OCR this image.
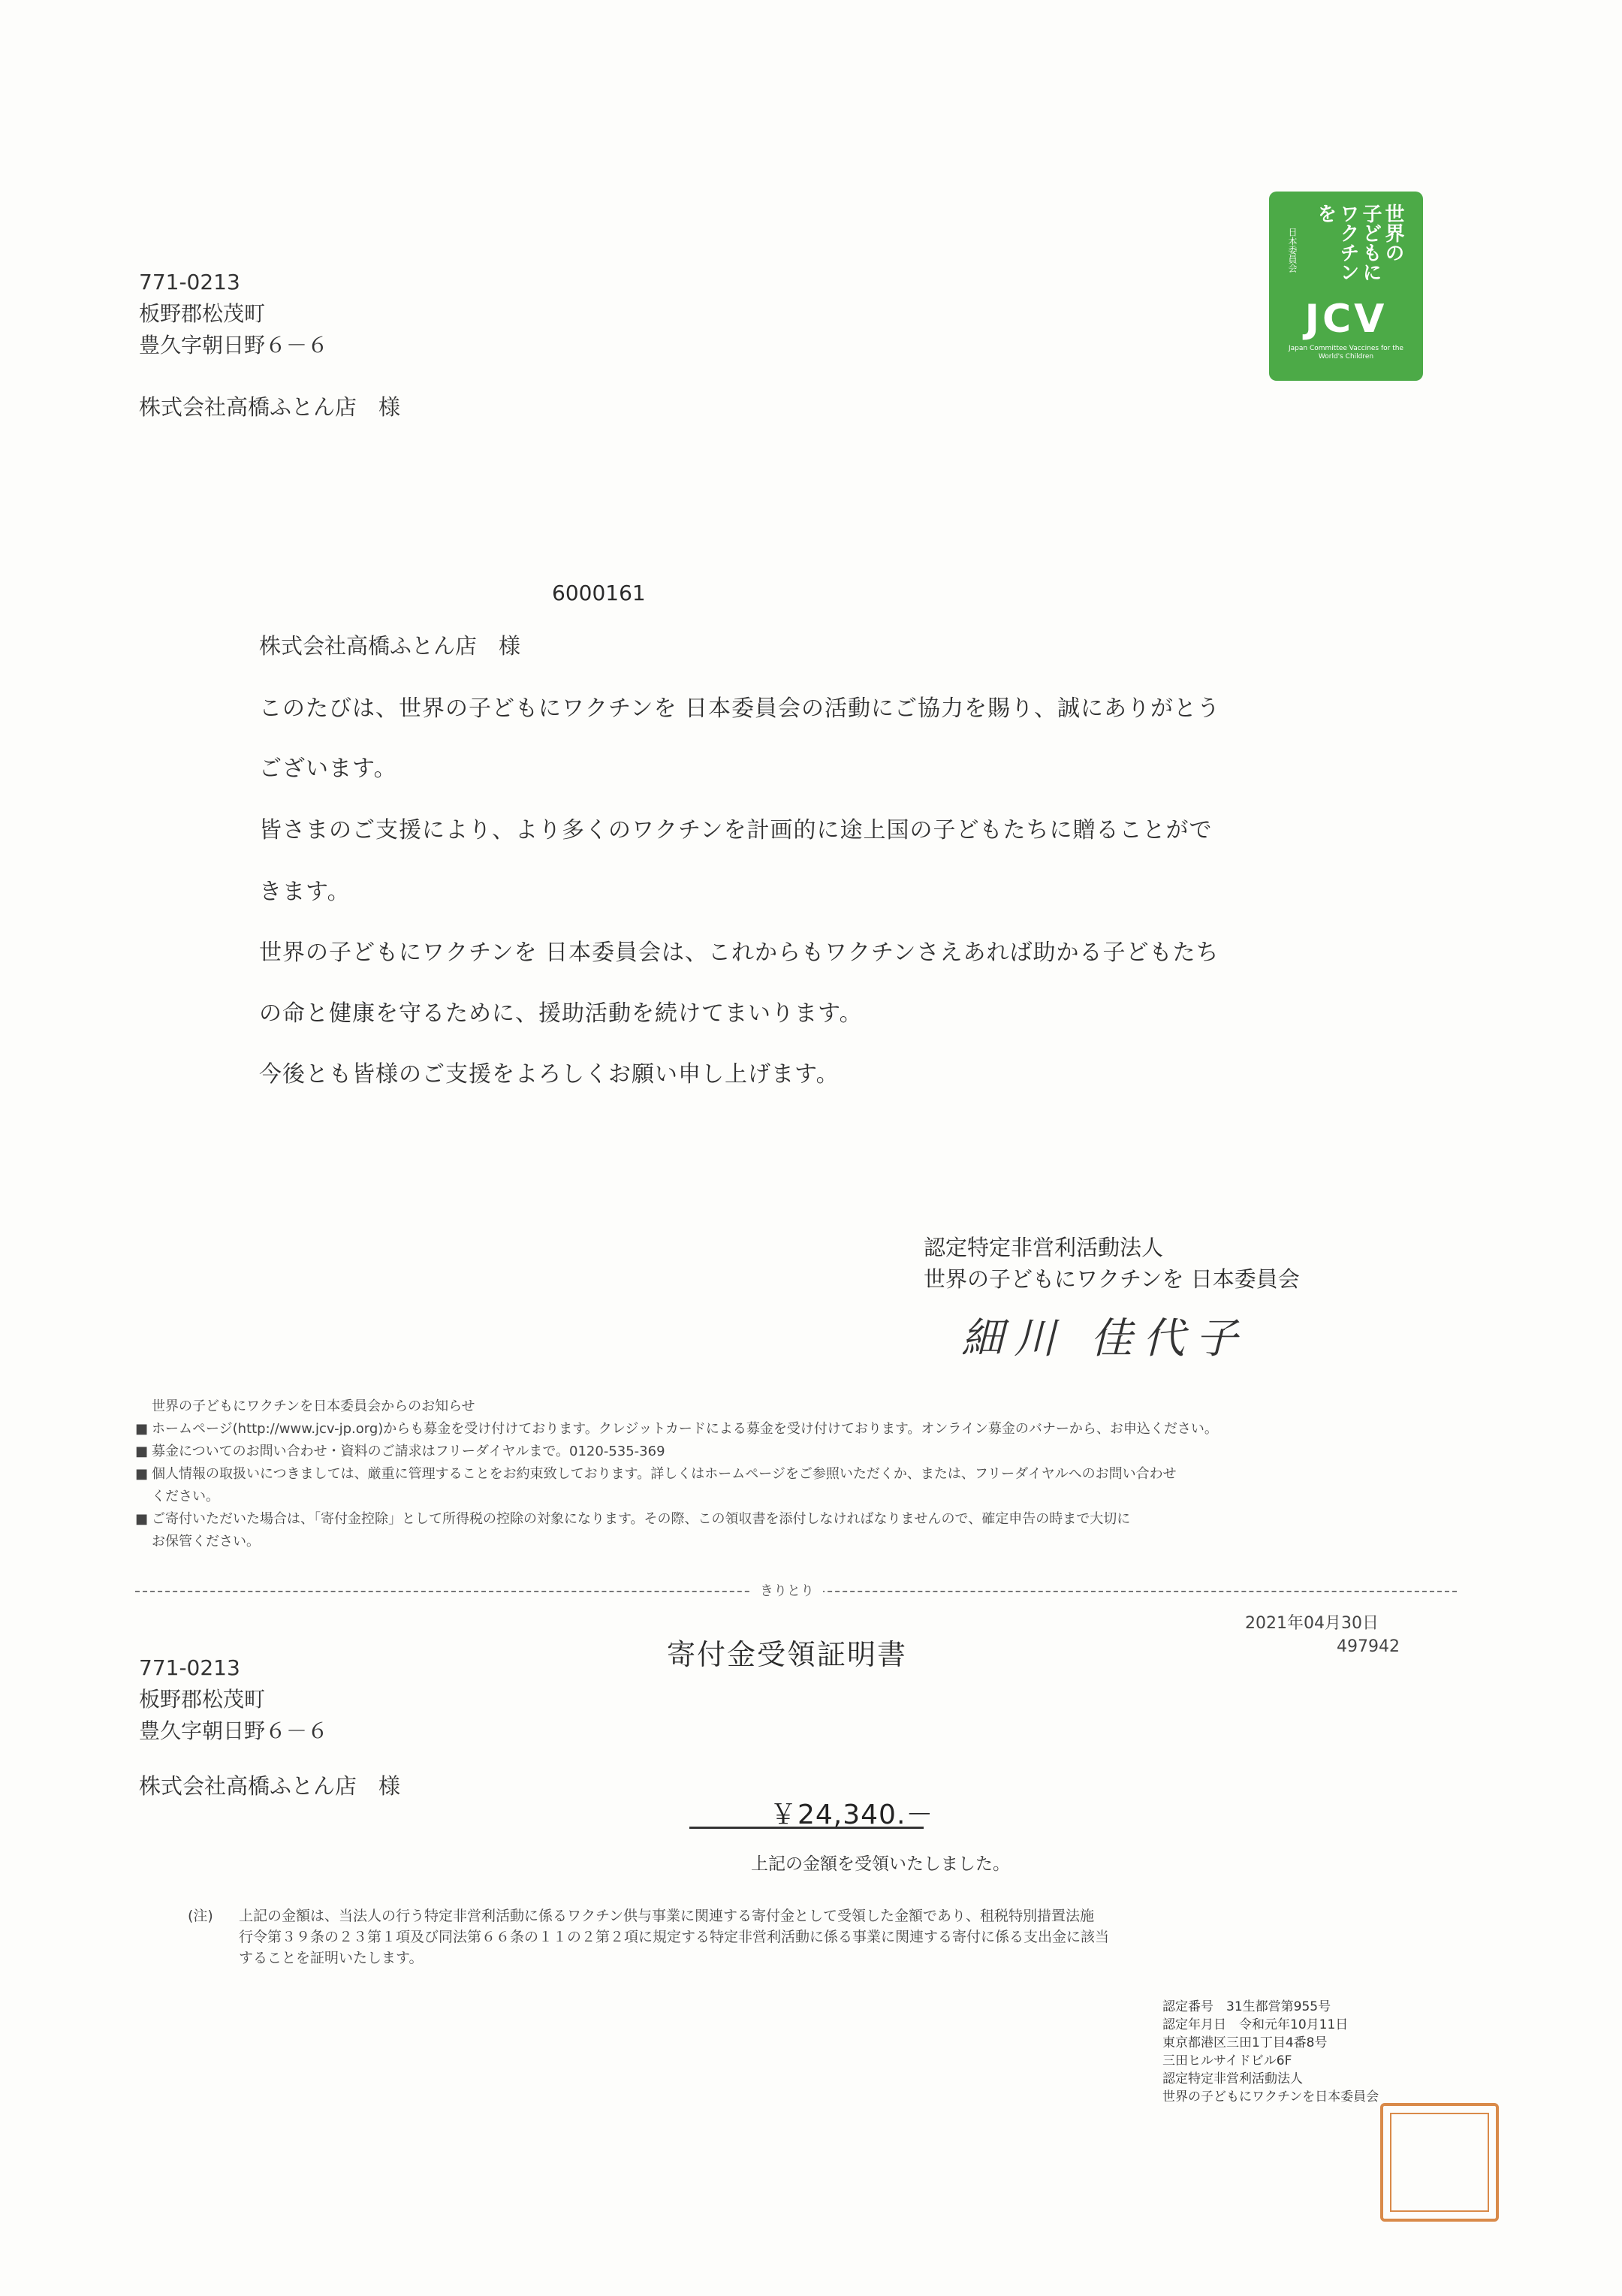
771-0213
板野郡松茂町
豊久字朝日野６－６
株式会社高橋ふとん店　様
世界の
子どもに
ワクチン
を
日本委員会
JCV
Japan Committee Vaccines for the World's Children
6000161
株式会社高橋ふとん店　様
このたびは、世界の子どもにワクチンを 日本委員会の活動にご協力を賜り、誠にありがとう
ございます。
皆さまのご支援により、より多くのワクチンを計画的に途上国の子どもたちに贈ることがで
きます。
世界の子どもにワクチンを 日本委員会は、これからもワクチンさえあれば助かる子どもたち
の命と健康を守るために、援助活動を続けてまいります。
今後とも皆様のご支援をよろしくお願い申し上げます。
認定特定非営利活動法人
世界の子どもにワクチンを 日本委員会
細川 佳代子
世界の子どもにワクチンを日本委員会からのお知らせ
■ ホームページ(http://www.jcv-jp.org)からも募金を受け付けております。クレジットカードによる募金を受け付けております。オンライン募金のバナーから、お申込ください。
■ 募金についてのお問い合わせ・資料のご請求はフリーダイヤルまで。0120-535-369
■ 個人情報の取扱いにつきましては、厳重に管理することをお約束致しております。詳しくはホームページをご参照いただくか、または、フリーダイヤルへのお問い合わせ
ください。
■ ご寄付いただいた場合は、「寄付金控除」として所得税の控除の対象になります。その際、この領収書を添付しなければなりませんので、確定申告の時まで大切に
お保管ください。
きりとり
2021年04月30日
497942
寄付金受領証明書
771-0213
板野郡松茂町
豊久字朝日野６－６
株式会社高橋ふとん店　様
￥24,340.－
上記の金額を受領いたしました。
(注) 上記の金額は、当法人の行う特定非営利活動に係るワクチン供与事業に関連する寄付金として受領した金額であり、租税特別措置法施
行令第３９条の２３第１項及び同法第６６条の１１の２第２項に規定する特定非営利活動に係る事業に関連する寄付に係る支出金に該当
することを証明いたします。
認定番号　31生都営第955号
認定年月日　令和元年10月11日
東京都港区三田1丁目4番8号
三田ヒルサイドビル6F
認定特定非営利活動法人
世界の子どもにワクチンを日本委員会
